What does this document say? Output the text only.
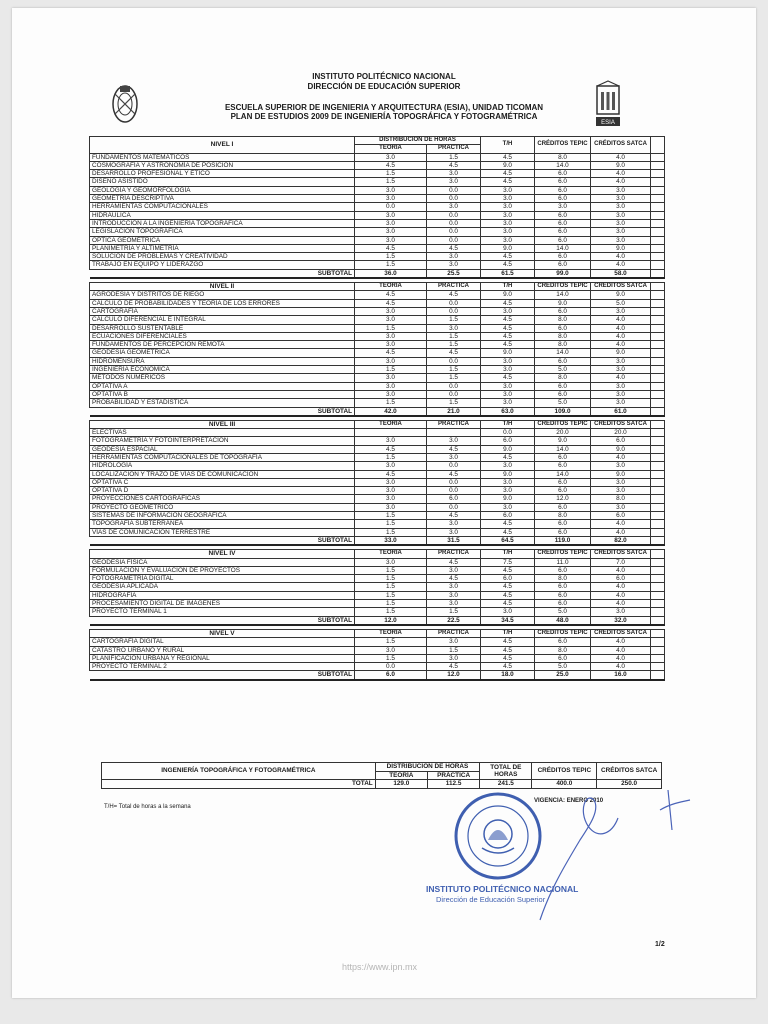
ESIA
INSTITUTO POLITÉCNICO NACIONAL
DIRECCIÓN DE EDUCACIÓN SUPERIOR
ESCUELA SUPERIOR DE INGENIERIA Y ARQUITECTURA (ESIA), UNIDAD TICOMAN
PLAN DE ESTUDIOS 2009 DE INGENIERÍA TOPOGRÁFICA Y FOTOGRAMÉTRICA
NIVEL I	DISTRIBUCIÓN DE HORAS		T/H	CRÉDITOS TEPIC	CRÉDITOS SATCA	
	TEORÍA	PRÁCTICA				
FUNDAMENTOS MATEMÁTICOS	3.0	1.5	4.5	8.0	4.0	
COSMOGRAFÍA Y ASTRONOMÍA DE POSICIÓN	4.5	4.5	9.0	14.0	9.0	
DESARROLLO PROFESIONAL Y ÉTICO	1.5	3.0	4.5	6.0	4.0	
DISEÑO ASISTIDO	1.5	3.0	4.5	6.0	4.0	
GEOLOGÍA Y GEOMORFOLOGÍA	3.0	0.0	3.0	6.0	3.0	
GEOMETRÍA DESCRIPTIVA	3.0	0.0	3.0	6.0	3.0	
HERRAMIENTAS COMPUTACIONALES	0.0	3.0	3.0	3.0	3.0	
HIDRÁULICA	3.0	0.0	3.0	6.0	3.0	
INTRODUCCIÓN A LA INGENIERÍA TOPOGRÁFICA	3.0	0.0	3.0	6.0	3.0	
LEGISLACIÓN TOPOGRÁFICA	3.0	0.0	3.0	6.0	3.0	
ÓPTICA GEOMÉTRICA	3.0	0.0	3.0	6.0	3.0	
PLANIMETRÍA Y ALTIMETRÍA	4.5	4.5	9.0	14.0	9.0	
SOLUCIÓN DE PROBLEMAS Y CREATIVIDAD	1.5	3.0	4.5	6.0	4.0	
TRABAJO EN EQUIPO Y LIDERAZGO	1.5	3.0	4.5	6.0	4.0	
SUBTOTAL	36.0	25.5	61.5	99.0	58.0	

NIVEL II	TEORÍA	PRÁCTICA	T/H	CRÉDITOS TEPIC	CRÉDITOS SATCA	

AGRODESIA Y DISTRITOS DE RIEGO	4.5	4.5	9.0	14.0	9.0	
CÁLCULO DE PROBABILIDADES Y TEORÍA DE LOS ERRORES	4.5	0.0	4.5	9.0	5.0	
CARTOGRAFÍA	3.0	0.0	3.0	6.0	3.0	
CÁLCULO DIFERENCIAL E INTEGRAL	3.0	1.5	4.5	8.0	4.0	
DESARROLLO SUSTENTABLE	1.5	3.0	4.5	6.0	4.0	
ECUACIONES DIFERENCIALES	3.0	1.5	4.5	8.0	4.0	
FUNDAMENTOS DE PERCEPCIÓN REMOTA	3.0	1.5	4.5	8.0	4.0	
GEODESIA GEOMÉTRICA	4.5	4.5	9.0	14.0	9.0	
HIDROMENSURA	3.0	0.0	3.0	6.0	3.0	
INGENIERÍA ECONÓMICA	1.5	1.5	3.0	5.0	3.0	
MÉTODOS NUMÉRICOS	3.0	1.5	4.5	8.0	4.0	
OPTATIVA A	3.0	0.0	3.0	6.0	3.0	
OPTATIVA B	3.0	0.0	3.0	6.0	3.0	
PROBABILIDAD Y ESTADÍSTICA	1.5	1.5	3.0	5.0	3.0	
SUBTOTAL	42.0	21.0	63.0	109.0	61.0	

NIVEL III	TEORÍA	PRÁCTICA	T/H	CRÉDITOS TEPIC	CRÉDITOS SATCA	

ELECTIVAS			0.0	20.0	20.0	
FOTOGRAMETRÍA Y FOTOINTERPRETACIÓN	3.0	3.0	6.0	9.0	6.0	
GEODESIA ESPACIAL	4.5	4.5	9.0	14.0	9.0	
HERRAMIENTAS COMPUTACIONALES DE TOPOGRAFÍA	1.5	3.0	4.5	6.0	4.0	
HIDROLOGÍA	3.0	0.0	3.0	6.0	3.0	
LOCALIZACIÓN Y TRAZO DE VÍAS DE COMUNICACIÓN	4.5	4.5	9.0	14.0	9.0	
OPTATIVA C	3.0	0.0	3.0	6.0	3.0	
OPTATIVA D	3.0	0.0	3.0	6.0	3.0	
PROYECCIONES CARTOGRÁFICAS	3.0	6.0	9.0	12.0	8.0	
PROYECTO GEOMÉTRICO	3.0	0.0	3.0	6.0	3.0	
SISTEMAS DE INFORMACIÓN GEOGRÁFICA	1.5	4.5	6.0	8.0	6.0	
TOPOGRAFÍA SUBTERRÁNEA	1.5	3.0	4.5	6.0	4.0	
VÍAS DE COMUNICACIÓN TERRESTRE	1.5	3.0	4.5	6.0	4.0	
SUBTOTAL	33.0	31.5	64.5	119.0	82.0	

NIVEL IV	TEORÍA	PRÁCTICA	T/H	CRÉDITOS TEPIC	CRÉDITOS SATCA	

GEODESIA FÍSICA	3.0	4.5	7.5	11.0	7.0	
FORMULACIÓN Y EVALUACIÓN DE PROYECTOS	1.5	3.0	4.5	6.0	4.0	
FOTOGRAMETRÍA DIGITAL	1.5	4.5	6.0	8.0	6.0	
GEODESIA APLICADA	1.5	3.0	4.5	6.0	4.0	
HIDROGRAFÍA	1.5	3.0	4.5	6.0	4.0	
PROCESAMIENTO DIGITAL DE IMÁGENES	1.5	3.0	4.5	6.0	4.0	
PROYECTO TERMINAL 1	1.5	1.5	3.0	5.0	3.0	
SUBTOTAL	12.0	22.5	34.5	48.0	32.0	

NIVEL V	TEORÍA	PRÁCTICA	T/H	CRÉDITOS TEPIC	CRÉDITOS SATCA	

CARTOGRAFÍA DIGITAL	1.5	3.0	4.5	6.0	4.0	
CATASTRO URBANO Y RURAL	3.0	1.5	4.5	8.0	4.0	
PLANIFICACIÓN URBANA Y REGIONAL	1.5	3.0	4.5	6.0	4.0	
PROYECTO TERMINAL 2	0.0	4.5	4.5	5.0	4.0	
SUBTOTAL	6.0	12.0	18.0	25.0	16.0	
INGENIERÍA TOPOGRÁFICA Y FOTOGRAMÉTRICA	DISTRIBUCIÓN DE HORAS		TOTAL DE HORAS	CRÉDITOS TEPIC	CRÉDITOS SATCA
	TEORÍA	PRÁCTICA			
TOTAL	129.0	112.5	241.5	400.0	250.0
T/H= Total de horas a la semana
VIGENCIA: ENERO 2010
INSTITUTO POLITÉCNICO NACIONAL
Dirección de Educación Superior
1/2
https://www.ipn.mx
